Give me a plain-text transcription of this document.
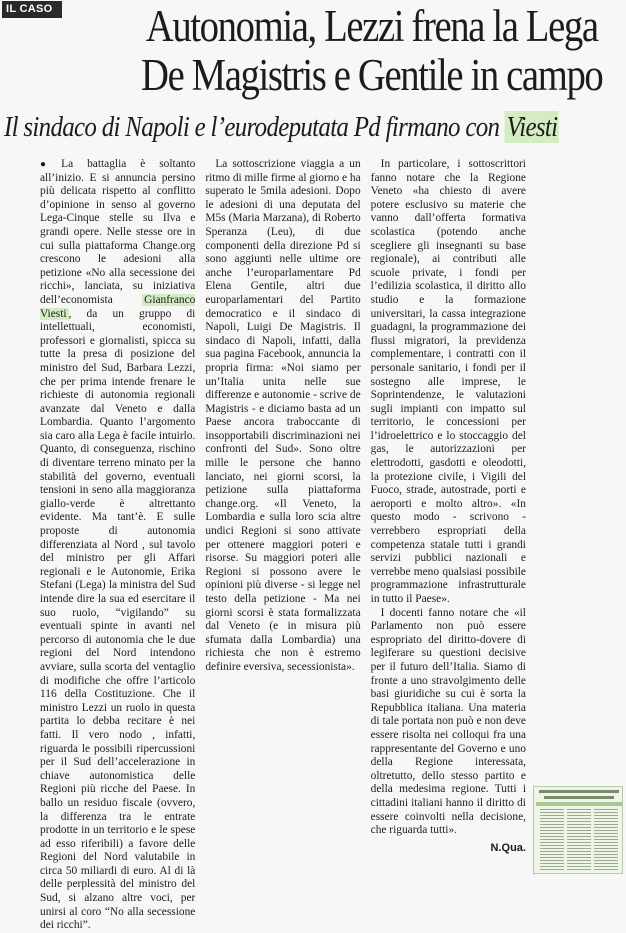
IL CASO	Autonomia, Lezzi frena la Lega
De Magistris e Gentile in campo
Il sindaco di Napoli e l’eurodeputata Pd firmano con Viesti

● La battaglia è soltanto all’inizio. E si annuncia persino più delicata rispetto al conflitto d’opinione in senso al governo Lega-Cinque stelle su Ilva e grandi opere. Nelle stesse ore in cui sulla piattaforma Change.org crescono le adesioni alla petizione «No alla secessione dei ricchi», lanciata, su iniziativa dell’economista Gianfranco Viesti , da un gruppo di intellettuali, economisti, professori e giornalisti, spicca su tutte la presa di posizione del ministro del Sud, Barbara Lezzi, che per prima intende frenare le richieste di autonomia regionali avanzate dal Veneto e dalla Lombardia. Quanto l’argomento sia caro alla Lega è facile intuirlo. Quanto, di conseguenza, rischino di diventare terreno minato per la stabilità del governo, eventuali tensioni in seno alla maggioranza giallo-verde è altrettanto evidente. Ma tant’è. E sulle proposte di autonomia differenziata al Nord , sul tavolo del ministro per gli Affari regionali e le Autonomie, Erika Stefani (Lega) la ministra del Sud intende dire la sua ed esercitare il suo ruolo, “vigilando” su eventuali spinte in avanti nel percorso di autonomia che le due regioni del Nord intendono avviare, sulla scorta del ventaglio di modifiche che offre l’articolo 116 della Costituzione. Che il ministro Lezzi un ruolo in questa partita lo debba recitare è nei fatti. Il vero nodo , infatti, riguarda le possibili ripercussioni per il Sud dell’accelerazione in chiave autonomistica delle Regioni più ricche del Paese. In ballo un residuo fiscale (ovvero, la differenza tra le entrate prodotte in un territorio e le spese ad esso riferibili) a favore delle Regioni del Nord valutabile in circa 50 miliardi di euro. Al di là delle perplessità del ministro del Sud, si alzano altre voci, per unirsi al coro “No alla secessione dei ricchi”.

La sottoscrizione viaggia a un ritmo di mille firme al giorno e ha superato le 5mila adesioni. Dopo le adesioni di una deputata del M5s (Maria Marzana), di Roberto Speranza (Leu), di due componenti della direzione Pd si sono aggiunti nelle ultime ore anche l’europarlamentare Pd Elena Gentile, altri due europarlamentari del Partito democratico e il sindaco di Napoli, Luigi De Magistris. Il sindaco di Napoli, infatti, dalla sua pagina Facebook, annuncia la propria firma: «Noi siamo per un’Italia unita nelle sue differenze e autonomie - scrive de Magistris - e diciamo basta ad un Paese ancora traboccante di insopportabili discriminazioni nei confronti del Sud». Sono oltre mille le persone che hanno lanciato, nei giorni scorsi, la petizione sulla piattaforma change.org. «Il Veneto, la Lombardia e sulla loro scia altre undici Regioni si sono attivate per ottenere maggiori poteri e risorse. Su maggiori poteri alle Regioni si possono avere le opinioni più diverse - si legge nel testo della petizione - Ma nei giorni scorsi è stata formalizzata dal Veneto (e in misura più sfumata dalla Lombardia) una richiesta che non è estremo definire eversiva, secessionista».

In particolare, i sottoscrittori fanno notare che la Regione Veneto «ha chiesto di avere potere esclusivo su materie che vanno dall’offerta formativa scolastica (potendo anche scegliere gli insegnanti su base regionale), ai contributi alle scuole private, i fondi per l’edilizia scolastica, il diritto allo studio e la formazione universitari, la cassa integrazione guadagni, la programmazione dei flussi migratori, la previdenza complementare, i contratti con il personale sanitario, i fondi per il sostegno alle imprese, le Soprintendenze, le valutazioni sugli impianti con impatto sul territorio, le concessioni per l’idroelettrico e lo stoccaggio del gas, le autorizzazioni per elettrodotti, gasdotti e oleodotti, la protezione civile, i Vigili del Fuoco, strade, autostrade, porti e aeroporti e molto altro». «In questo modo - scrivono - verrebbero espropriati della competenza statale tutti i grandi servizi pubblici nazionali e verrebbe meno qualsiasi possibile programmazione infrastrutturale in tutto il Paese».

I docenti fanno notare che «il Parlamento non può essere espropriato del diritto-dovere di legiferare su questioni decisive per il futuro dell’Italia. Siamo di fronte a uno stravolgimento delle basi giuridiche su cui è sorta la Repubblica italiana. Una materia di tale portata non può e non deve essere risolta nei colloqui fra una rappresentante del Governo e uno della Regione interessata, oltretutto, dello stesso partito e della medesima regione. Tutti i cittadini italiani hanno il diritto di essere coinvolti nella decisione, che riguarda tutti».

N.Qua.
